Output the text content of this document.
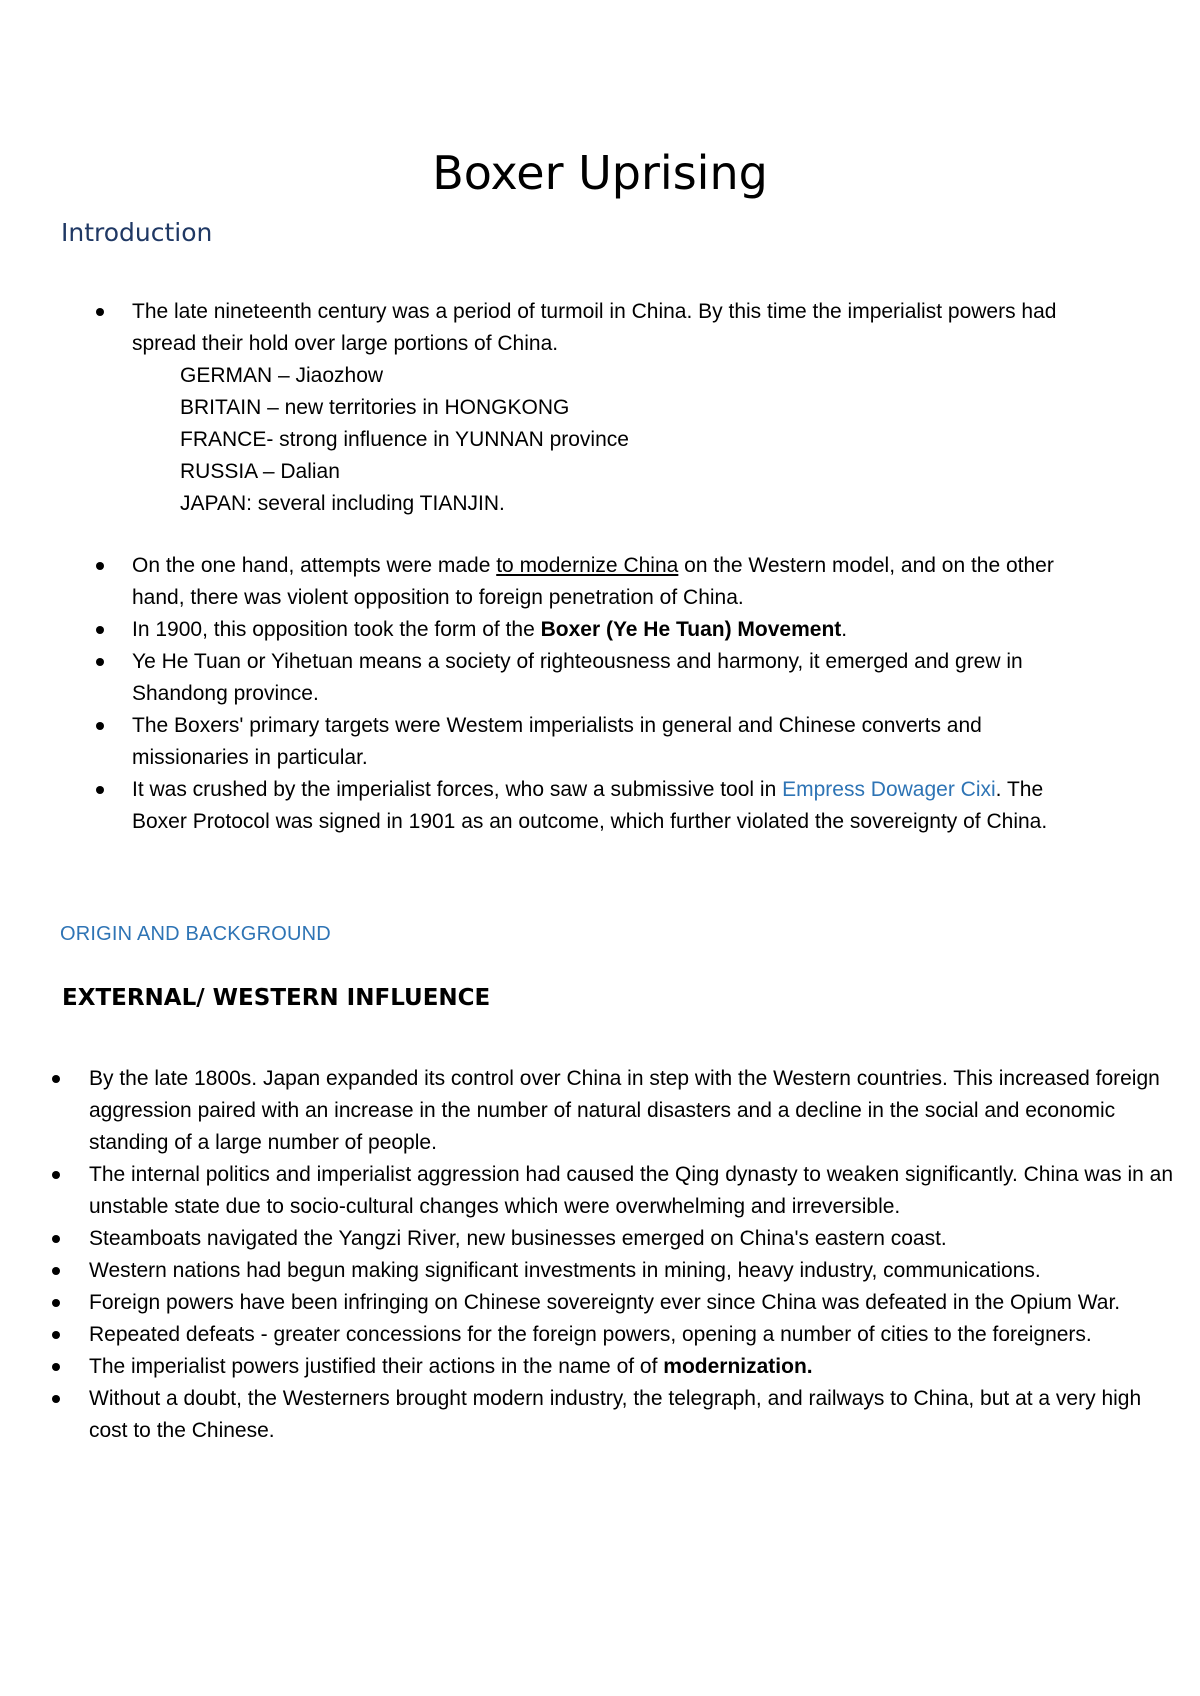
Boxer Uprising
Introduction
The late nineteenth century was a period of turmoil in China. By this time the imperialist powers had spread their hold over large portions of China.
GERMAN – Jiaozhow
BRITAIN – new territories in HONGKONG
FRANCE- strong influence in YUNNAN province
RUSSIA – Dalian
JAPAN: several including TIANJIN.
On the one hand, attempts were made to modernize China on the Western model, and on the other hand, there was violent opposition to foreign penetration of China.
In 1900, this opposition took the form of the Boxer (Ye He Tuan) Movement.
Ye He Tuan or Yihetuan means a society of righteousness and harmony, it emerged and grew in Shandong province.
The Boxers' primary targets were Westem imperialists in general and Chinese converts and missionaries in particular.
It was crushed by the imperialist forces, who saw a submissive tool in Empress Dowager Cixi. The Boxer Protocol was signed in 1901 as an outcome, which further violated the sovereignty of China.
ORIGIN AND BACKGROUND
EXTERNAL/ WESTERN INFLUENCE
By the late 1800s. Japan expanded its control over China in step with the Western countries. This increased foreign aggression paired with an increase in the number of natural disasters and a decline in the social and economic standing of a large number of people.
The internal politics and imperialist aggression had caused the Qing dynasty to weaken significantly. China was in an unstable state due to socio-cultural changes which were overwhelming and irreversible.
Steamboats navigated the Yangzi River, new businesses emerged on China's eastern coast.
Western nations had begun making significant investments in mining, heavy industry, communications.
Foreign powers have been infringing on Chinese sovereignty ever since China was defeated in the Opium War.
Repeated defeats - greater concessions for the foreign powers, opening a number of cities to the foreigners.
The imperialist powers justified their actions in the name of of modernization.
Without a doubt, the Westerners brought modern industry, the telegraph, and railways to China, but at a very high cost to the Chinese.
